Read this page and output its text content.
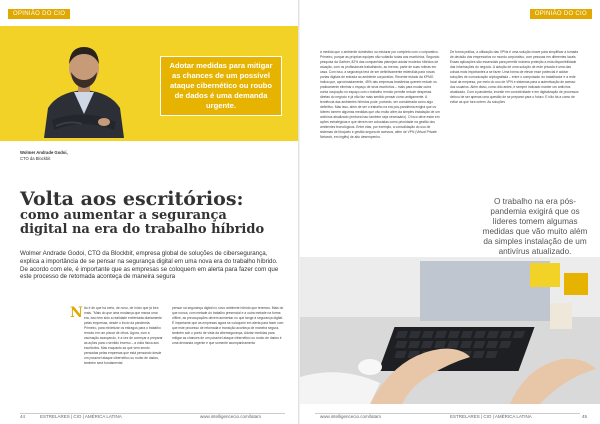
OPINIÃO DO CIO
Adotar medidas para mitigar as chances de um possível ataque cibernético ou roubo de dados é uma demanda urgente.
Wolmer Andrade Godoi,
CTO da Blockbit
Volta aos escritórios:
como aumentar a segurança
digital na era do trabalho híbrido
Wolmer Andrade Godoi, CTO da Blockbit, empresa global de soluções de cibersegurança, explica a importância de se pensar na segurança digital em uma nova era do trabalho híbrido. De acordo com ele, é importante que as empresas se coloquem em alerta para fazer com que este processo de retomada aconteça de maneira segura
N ão é de que há certo, de novo, de início que já fora mais. "Mais do que uma mudança que marca uma era, isso tem sido a realidade enfrentada diariamente pelas empresas, desde o início da pandemia. Primeiro, para minimizar os estragos para o trabalho remoto em um piscar de olhos. Agora, com a vacinação avançando, é a vez de começar a preparar as ações para o sentido inverso – a volta física aos escritórios. Mas enquanto as que vem sendo pensadas pelas empresas que está pensando desde um possível ataque cibernético ou roubo de dados, também será fundamental
pensar na segurança digital no novo ambiente híbrido que teremos. Mais do que nunca, com metade do trabalho presencial e a outra metade na forma offline, as preocupações devem aumentar no que tange à segurança digital. É importante que as empresas agora se coloquem em alerta para fazer com que este processo de retomada e transição aconteça de maneira segura, também sob o ponto de vista da cibersegurança. Adotar medidas para mitigar as chances de um possível ataque cibernético ou roubo de dados é uma demanda urgente e que somente acompanhamento
44	ESTRELARES | CIO | AMÉRICA LATINA	www.intelligencecio.com/latam
OPINIÃO DO CIO
à medida que o ambiente doméstico ou misturar por completo com o corporativo. Primeiro, porque as próprias equipes não voltarão todas aos escritórios. Segundo pesquisa da Gartner, 82% das companhias planejam adotar modelos híbridos de atuação, com os profissionais trabalhando, ao menos, parte de suas rotinas em casa. Com isso, a segurança terá de ser definitivamente estendida para novas portas digitais de entrada ao ambiente corporativo. Recente estudo da KPMG indica que, aproximadamente, 45% das empresas brasileiras querem reduzir os praticamente eliminar o espaço de seus escritórios – mais para mudar outra conta ocupação no espaço com o trabalho remoto permite reduzir despesas diretas do negócio e já não faz mais sentido pensar como antigamente. A tendência das ambientes híbridos pode, portanto, ser considerada como algo definitivo. Mas isso, além de ser o trabalho na era pós-pandemia exigirá que os líderes tomem algumas medidas que vão muito além da simples instalação de um antivírus atualizado (embora isso também seja necessário). O foco deve estar em ações estratégicas e que devem ser colocadas como prioridade na gestão dos ambientes tecnológicos. Entre elas, por exemplo, a consolidação do uso de sistemas de bloqueio e gestão segura de acessos, além de VPN (Virtual Private Network, em inglês) de alto desempenho.
De forma prática, a utilização das VPNs é uma solução chave para simplificar a tomada de decisão dos empresários no mundo corporativo, com pessoas em diferentes locais. Essas aplicações são essenciais para permitir máxima proteção a esta disponibilidade das informações do negócio. A adoção de uma solução de rede privada é uma das coisas mais importantes a se fazer. Uma forma de elevar esse potencial é adotar soluções de comunicação criptografada – entre o computador do trabalhador e a rede local da empresa, por meio do uso de VPN e sistemas para a autenticação de acesso dos usuários. Além disso, como dito antes, é sempre indicado manter um antivírus atualizado. Com a pandemia, investir em conectividade e em digitalização de processos deixou de ser apenas uma questão de se preparar para o futuro. E não há a como de evitar as que fora ontem. As soluções
www.intelligencecio.com/latam	ESTRELARES | CIO | AMÉRICA LATINA	45
O trabalho na era pós-pandemia exigirá que os líderes tomem algumas medidas que vão muito além da simples instalação de um antivírus atualizado.
